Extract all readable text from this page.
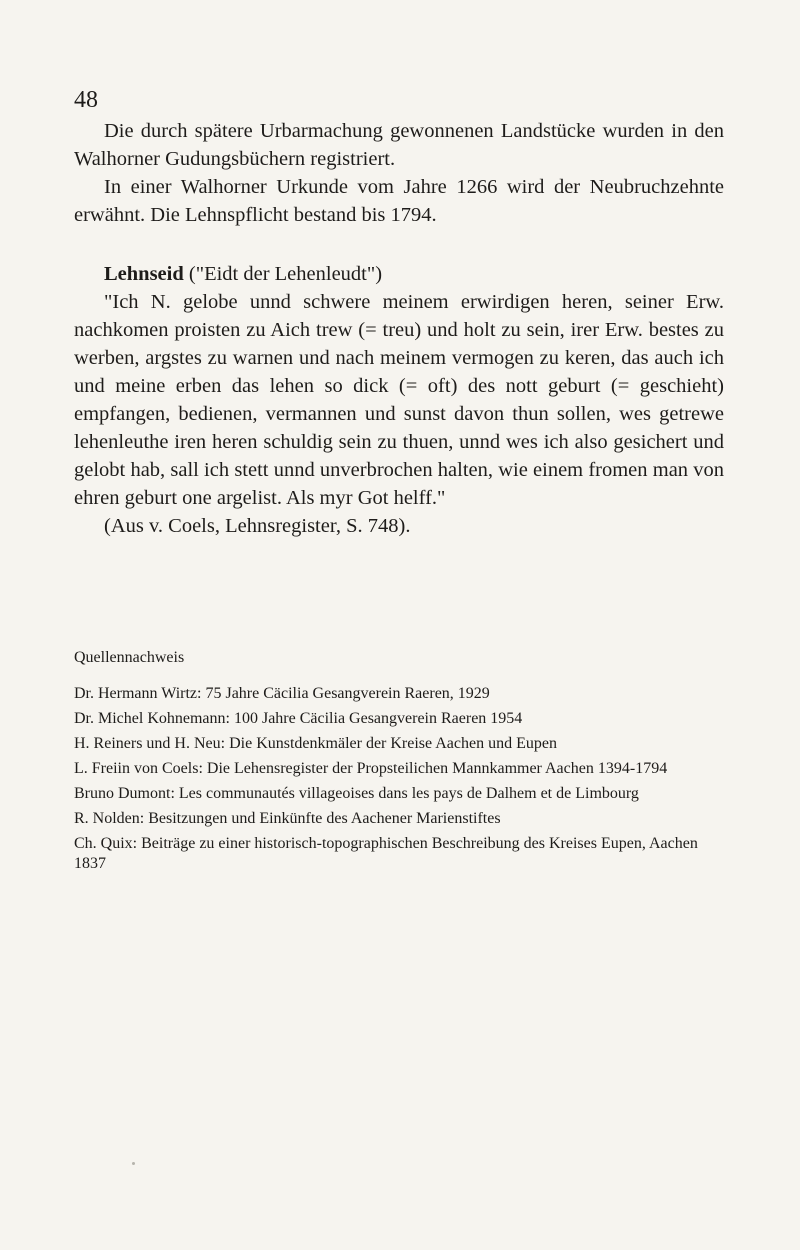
48

Die durch spätere Urbarmachung gewonnenen Landstücke wurden in den Walhorner Gudungsbüchern registriert.

In einer Walhorner Urkunde vom Jahre 1266 wird der Neubruchzehnte erwähnt. Die Lehnspflicht bestand bis 1794.

Lehnseid ("Eidt der Lehenleudt")

"Ich N. gelobe unnd schwere meinem erwirdigen heren, seiner Erw. nachkomen proisten zu Aich trew (= treu) und holt zu sein, irer Erw. bestes zu werben, argstes zu warnen und nach meinem vermogen zu keren, das auch ich und meine erben das lehen so dick (= oft) des nott geburt (= geschieht) empfangen, bedienen, vermannen und sunst davon thun sollen, wes getrewe lehenleuthe iren heren schuldig sein zu thuen, unnd wes ich also gesichert und gelobt hab, sall ich stett unnd unverbrochen halten, wie einem fromen man von ehren geburt one argelist. Als myr Got helff."

(Aus v. Coels, Lehnsregister, S. 748).

Quellennachweis

Dr. Hermann Wirtz: 75 Jahre Cäcilia Gesangverein Raeren, 1929
Dr. Michel Kohnemann: 100 Jahre Cäcilia Gesangverein Raeren 1954
H. Reiners und H. Neu: Die Kunstdenkmäler der Kreise Aachen und Eupen
L. Freiin von Coels: Die Lehensregister der Propsteilichen Mannkammer Aachen 1394-1794
Bruno Dumont: Les communautés villageoises dans les pays de Dalhem et de Limbourg
R. Nolden: Besitzungen und Einkünfte des Aachener Marienstiftes
Ch. Quix: Beiträge zu einer historisch-topographischen Beschreibung des Kreises Eupen, Aachen 1837
